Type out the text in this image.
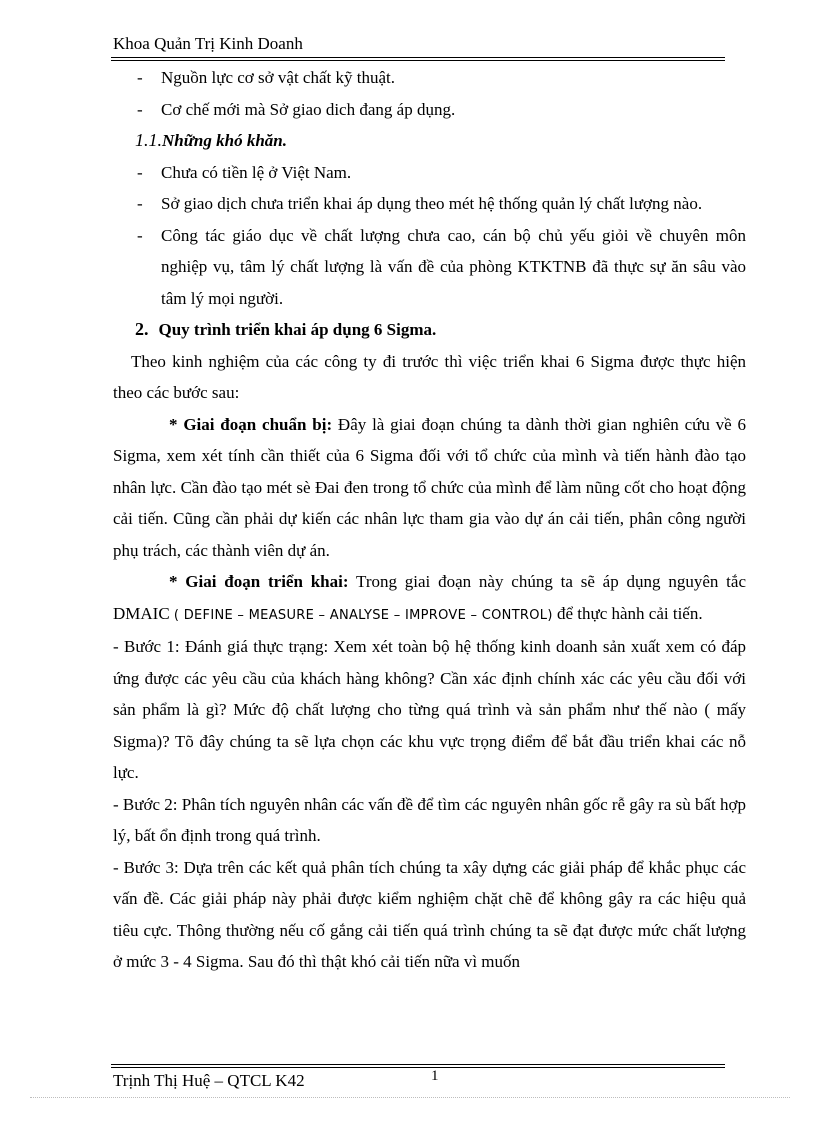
Khoa Quản Trị Kinh Doanh
-	Nguồn lực cơ sở vật chất kỹ thuật.
-	Cơ chế mới mà Sở giao dich đang áp dụng.

1.1.Những khó khăn.

-	Chưa có tiền lệ ở Việt Nam.
-	Sở giao dịch chưa triển khai áp dụng theo mét hệ thống quản lý chất lượng nào.
-	Công tác giáo dục về chất lượng chưa cao, cán bộ chủ yếu giỏi về chuyên môn nghiệp vụ, tâm lý chất lượng là vấn đề của phòng KTKTNB đã thực sự ăn sâu vào tâm lý mọi người.

2. Quy trình triển khai áp dụng 6 Sigma.

Theo kinh nghiệm của các công ty đi trước thì việc triển khai 6 Sigma được thực hiện theo các bước sau:

* Giai đoạn chuẩn bị: Đây là giai đoạn chúng ta dành thời gian nghiên cứu về 6 Sigma, xem xét tính cần thiết của 6 Sigma đối với tổ chức của mình và tiến hành đào tạo nhân lực. Cần đào tạo mét sè Đai đen trong tổ chức của mình để làm nũng cốt cho hoạt động cải tiến. Cũng cần phải dự kiến các nhân lực tham gia vào dự án cải tiến, phân công người phụ trách, các thành viên dự án.

* Giai đoạn triển khai: Trong giai đoạn này chúng ta sẽ áp dụng nguyên tắc DMAIC ( DEFINE – MEASURE – ANALYSE – IMPROVE – CONTROL) để thực hành cải tiến.

- Bước 1: Đánh giá thực trạng: Xem xét toàn bộ hệ thống kinh doanh sản xuất xem có đáp ứng được các yêu cầu của khách hàng không? Cần xác định chính xác các yêu cầu đối với sản phẩm là gì? Mức độ chất lượng cho từng quá trình và sản phẩm như thế nào ( mấy Sigma)? Tõ đây chúng ta sẽ lựa chọn các khu vực trọng điểm để bắt đầu triển khai các nỗ lực.

- Bước 2: Phân tích nguyên nhân các vấn đề để tìm các nguyên nhân gốc rễ gây ra sù bất hợp lý, bất ổn định trong quá trình.

- Bước 3: Dựa trên các kết quả phân tích chúng ta xây dựng các giải pháp để khắc phục các vấn đề. Các giải pháp này phải được kiểm nghiệm chặt chẽ để không gây ra các hiệu quả tiêu cực. Thông thường nếu cố gắng cải tiến quá trình chúng ta sẽ đạt được mức chất lượng ở mức 3 - 4 Sigma. Sau đó thì thật khó cải tiến nữa vì muốn

Trịnh Thị Huệ – QTCL K42	1
